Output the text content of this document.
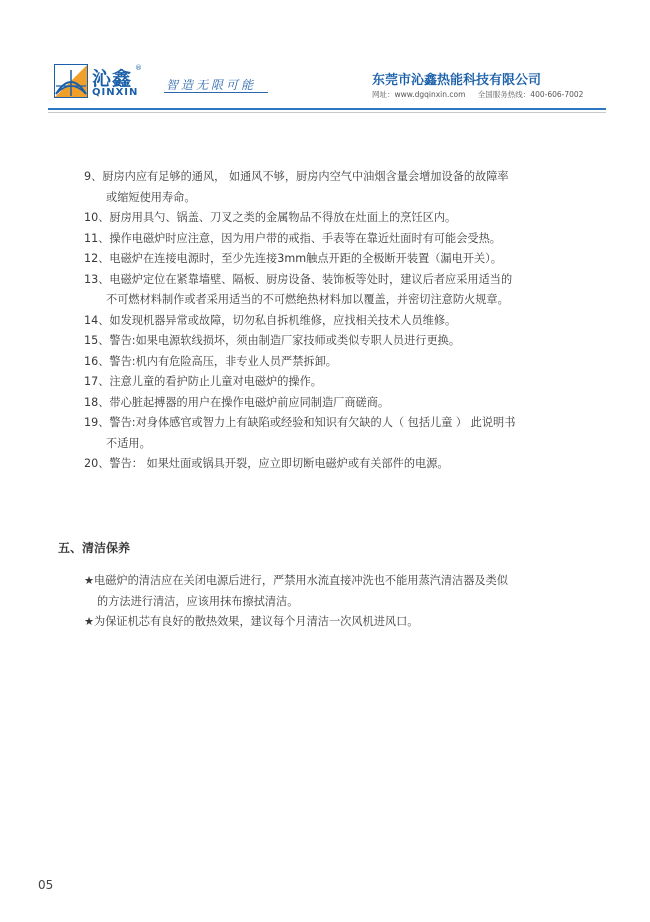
沁鑫 ®
QINXIN
智造无限可能	东莞市沁鑫热能科技有限公司
网址：www.dgqinxin.com 全国服务热线：400-606-7002
9、厨房内应有足够的通风， 如通风不够，厨房内空气中油烟含量会增加设备的故障率
或缩短使用寿命。
10、厨房用具勺、锅盖、刀叉之类的金属物品不得放在灶面上的烹饪区内。
11、操作电磁炉时应注意，因为用户带的戒指、手表等在靠近灶面时有可能会受热。
12、电磁炉在连接电源时，至少先连接3mm触点开距的全极断开装置（漏电开关）。
13、电磁炉定位在紧靠墙壁、隔板、厨房设备、装饰板等处时，建议后者应采用适当的
不可燃材料制作或者采用适当的不可燃绝热材料加以覆盖，并密切注意防火规章。
14、如发现机器异常或故障，切勿私自拆机维修，应找相关技术人员维修。
15、警告:如果电源软线损坏，须由制造厂家技师或类似专职人员进行更换。
16、警告:机内有危险高压，非专业人员严禁拆卸。
17、注意儿童的看护防止儿童对电磁炉的操作。
18、带心脏起搏器的用户在操作电磁炉前应同制造厂商磋商。
19、警告:对身体感官或智力上有缺陷或经验和知识有欠缺的人（ 包括儿童 ） 此说明书
不适用。
20、警告： 如果灶面或锅具开裂，应立即切断电磁炉或有关部件的电源。
五、清洁保养
★电磁炉的清洁应在关闭电源后进行，严禁用水流直接冲洗也不能用蒸汽清洁器及类似
的方法进行清洁，应该用抹布擦拭清洁。
★为保证机芯有良好的散热效果，建议每个月清洁一次风机进风口。
05
